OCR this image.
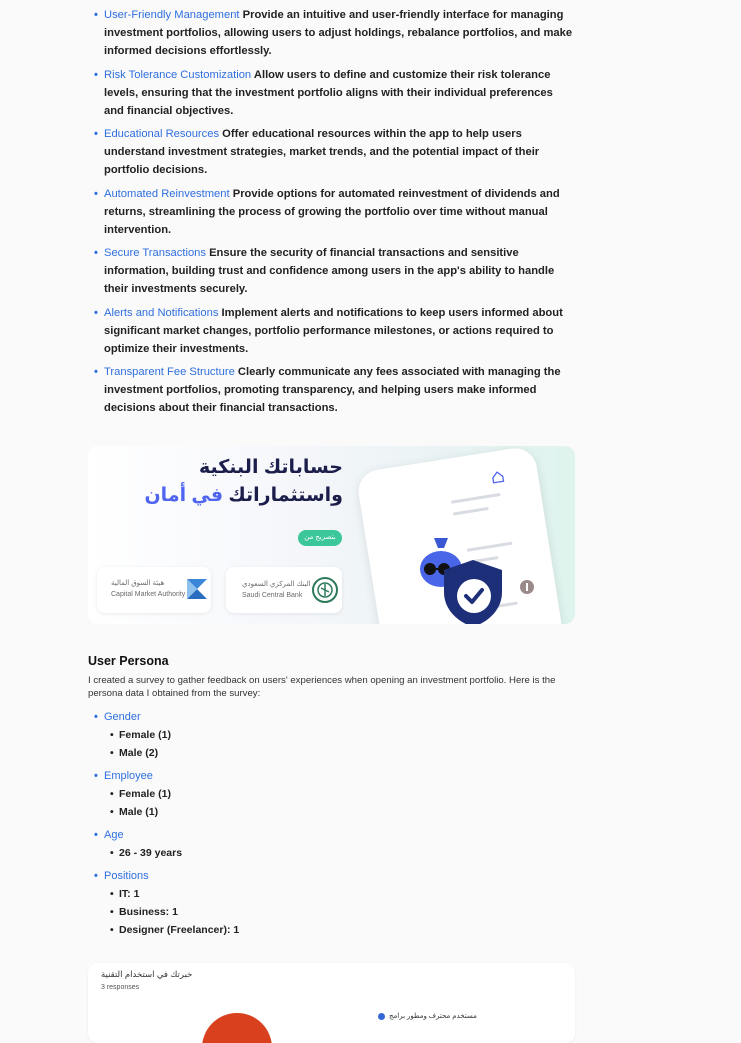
• User-Friendly Management Provide an intuitive and user-friendly interface for managing investment portfolios, allowing users to adjust holdings, rebalance portfolios, and make informed decisions effortlessly.
• Risk Tolerance Customization Allow users to define and customize their risk tolerance levels, ensuring that the investment portfolio aligns with their individual preferences and financial objectives.
• Educational Resources Offer educational resources within the app to help users understand investment strategies, market trends, and the potential impact of their portfolio decisions.
• Automated Reinvestment Provide options for automated reinvestment of dividends and returns, streamlining the process of growing the portfolio over time without manual intervention.
• Secure Transactions Ensure the security of financial transactions and sensitive information, building trust and confidence among users in the app's ability to handle their investments securely.
• Alerts and Notifications Implement alerts and notifications to keep users informed about significant market changes, portfolio performance milestones, or actions required to optimize their investments.
• Transparent Fee Structure Clearly communicate any fees associated with managing the investment portfolios, promoting transparency, and helping users make informed decisions about their financial transactions.
حساباتك البنكية
واستثماراتك في أمان
بتصريح من
هيئة السوق المالية
Capital Market Authority
البنك المركزي السعودي
Saudi Central Bank
User Persona
I created a survey to gather feedback on users' experiences when opening an investment portfolio. Here is the persona data I obtained from the survey:
• Gender
• Female (1)
• Male (2)
• Employee
• Female (1)
• Male (1)
• Age
• 26 - 39 years
• Positions
• IT: 1
• Business: 1
• Designer (Freelancer): 1
خبرتك في استخدام التقنية
3 responses
مستخدم محترف ومطور برامج
